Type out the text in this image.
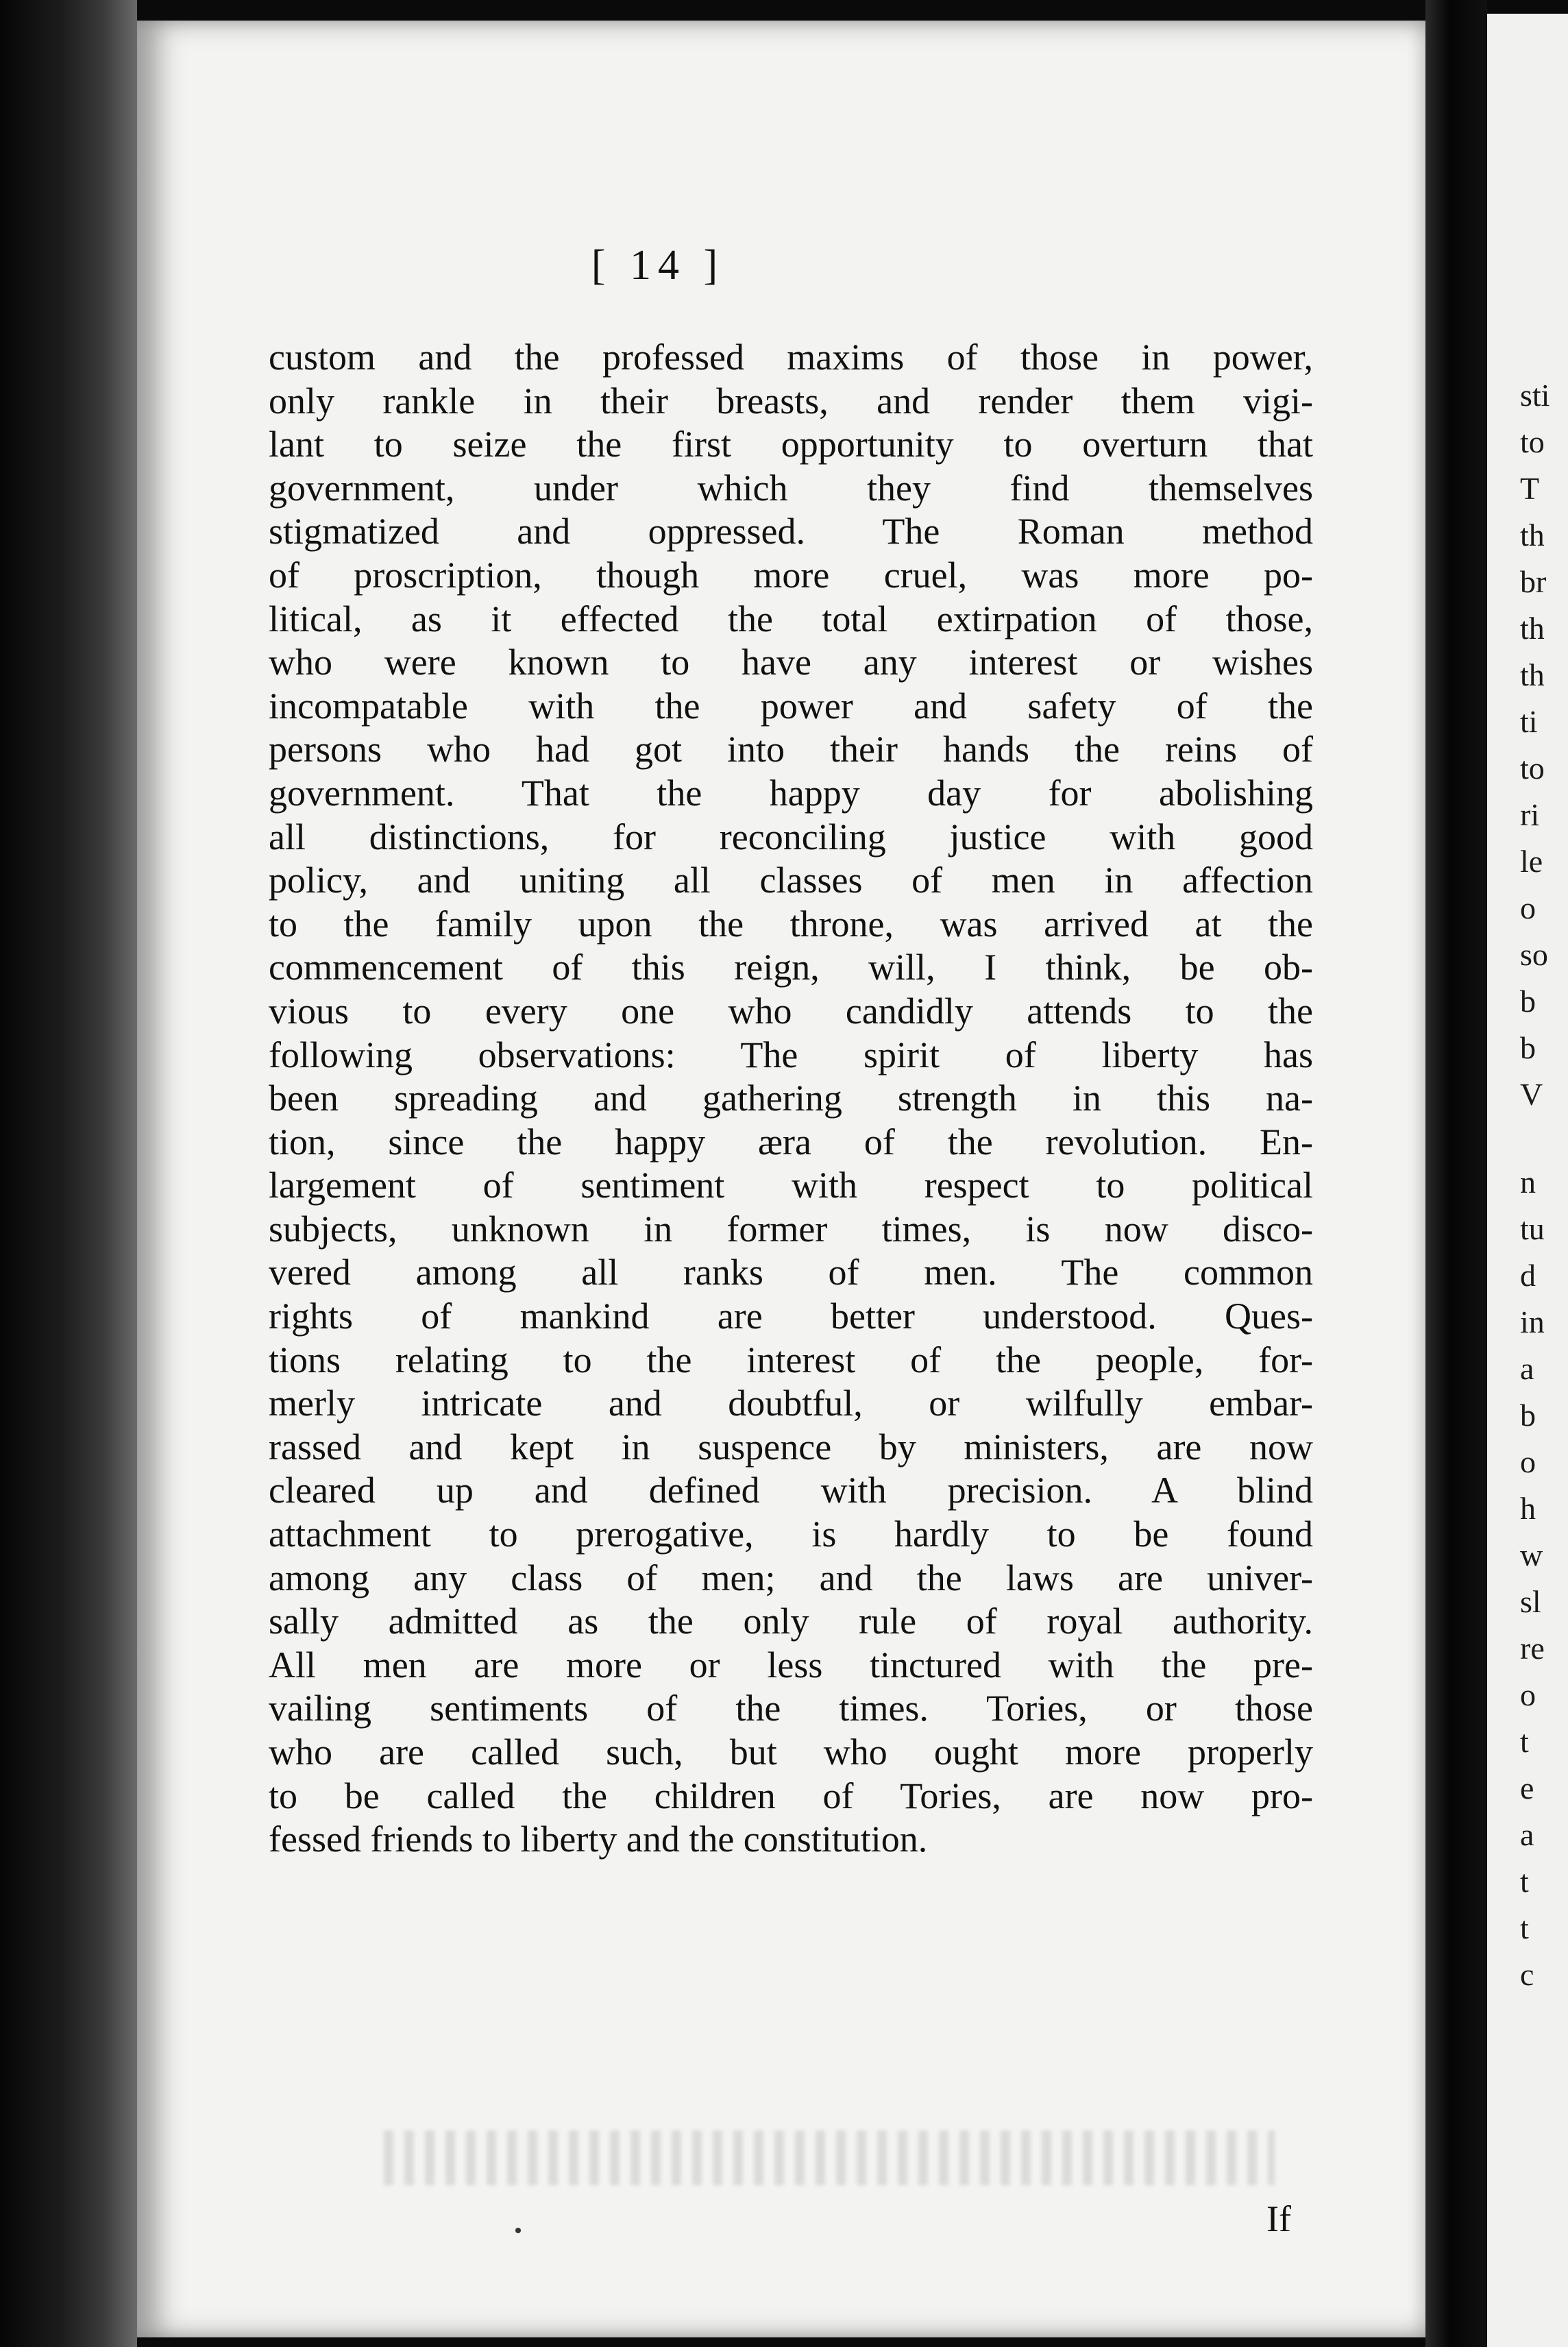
[ 14 ]
custom and the professed maxims of those in power,
only rankle in their breasts, and render them vigi-
lant to seize the first opportunity to overturn that
government, under which they find themselves
stigmatized and oppressed. The Roman method
of proscription, though more cruel, was more po-
litical, as it effected the total extirpation of those,
who were known to have any interest or wishes
incompatable with the power and safety of the
persons who had got into their hands the reins of
government. That the happy day for abolishing
all distinctions, for reconciling justice with good
policy, and uniting all classes of men in affection
to the family upon the throne, was arrived at the
commencement of this reign, will, I think, be ob-
vious to every one who candidly attends to the
following observations: The spirit of liberty has
been spreading and gathering strength in this na-
tion, since the happy æra of the revolution. En-
largement of sentiment with respect to political
subjects, unknown in former times, is now disco-
vered among all ranks of men. The common
rights of mankind are better understood. Ques-
tions relating to the interest of the people, for-
merly intricate and doubtful, or wilfully embar-
rassed and kept in suspence by ministers, are now
cleared up and defined with precision. A blind
attachment to prerogative, is hardly to be found
among any class of men; and the laws are univer-
sally admitted as the only rule of royal authority.
All men are more or less tinctured with the pre-
vailing sentiments of the times. Tories, or those
who are called such, but who ought more properly
to be called the children of Tories, are now pro-
fessed friends to liberty and the constitution.
If
sti
to
T
th
br
th
th
ti
to
ri
le
o
so
b
b
V
n
tu
d
in
a
b
o
h
w
sl
re
o
t
e
a
t
t
c
